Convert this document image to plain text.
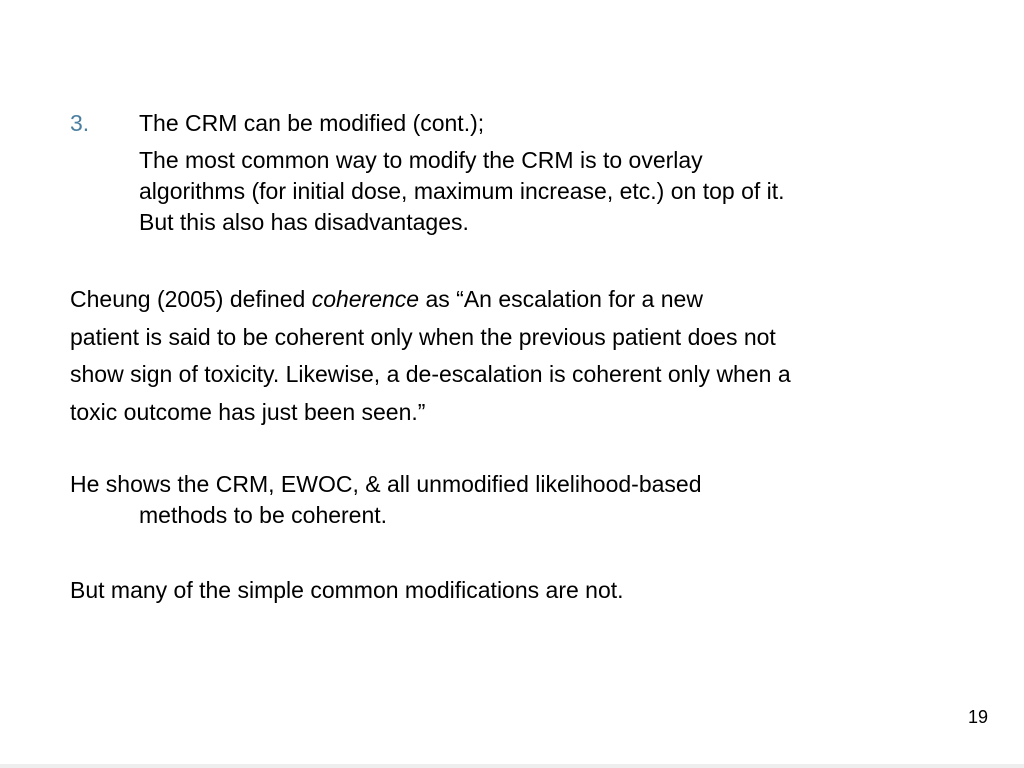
3. The CRM can be modified (cont.);

The most common way to modify the CRM is to overlay
algorithms (for initial dose, maximum increase, etc.) on top of it.
But this also has disadvantages.
Cheung (2005) defined coherence as “An escalation for a new
patient is said to be coherent only when the previous patient does not
show sign of toxicity. Likewise, a de-escalation is coherent only when a
toxic outcome has just been seen.”

He shows the CRM, EWOC, & all unmodified likelihood-based

methods to be coherent.

But many of the simple common modifications are not.

19
